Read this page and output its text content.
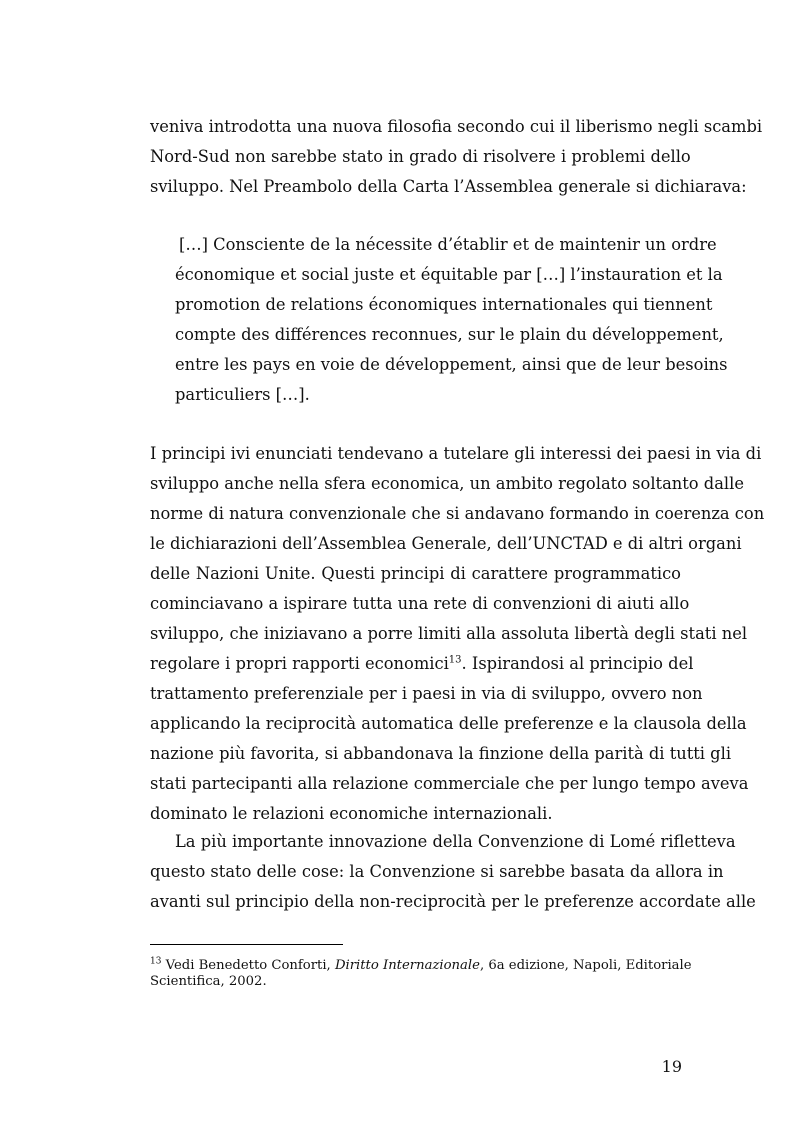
veniva introdotta una nuova filosofia secondo cui il liberismo negli scambi
Nord-Sud non sarebbe stato in grado di risolvere i problemi dello
sviluppo. Nel Preambolo della Carta l’Assemblea generale si dichiarava:
[…] Consciente de la nécessite d’établir et de maintenir un ordre
économique et social juste et équitable par […] l’instauration et la
promotion de relations économiques internationales qui tiennent
compte des différences reconnues, sur le plain du développement,
entre les pays en voie de développement, ainsi que de leur besoins
particuliers […].
I principi ivi enunciati tendevano a tutelare gli interessi dei paesi in via di
sviluppo anche nella sfera economica, un ambito regolato soltanto dalle
norme di natura convenzionale che si andavano formando in coerenza con
le dichiarazioni dell’Assemblea Generale, dell’UNCTAD e di altri organi
delle Nazioni Unite. Questi principi di carattere programmatico
cominciavano a ispirare tutta una rete di convenzioni di aiuti allo
sviluppo, che iniziavano a porre limiti alla assoluta libertà degli stati nel
regolare i propri rapporti economici$^{13}$. Ispirandosi al principio del
trattamento preferenziale per i paesi in via di sviluppo, ovvero non
applicando la reciprocità automatica delle preferenze e la clausola della
nazione più favorita, si abbandonava la finzione della parità di tutti gli
stati partecipanti alla relazione commerciale che per lungo tempo aveva
dominato le relazioni economiche internazionali.
La più importante innovazione della Convenzione di Lomé rifletteva
questo stato delle cose: la Convenzione si sarebbe basata da allora in
avanti sul principio della non-reciprocità per le preferenze accordate alle
$^{13}$ Vedi Benedetto Conforti, Diritto Internazionale, 6a edizione, Napoli, Editoriale
Scientifica, 2002.
19
